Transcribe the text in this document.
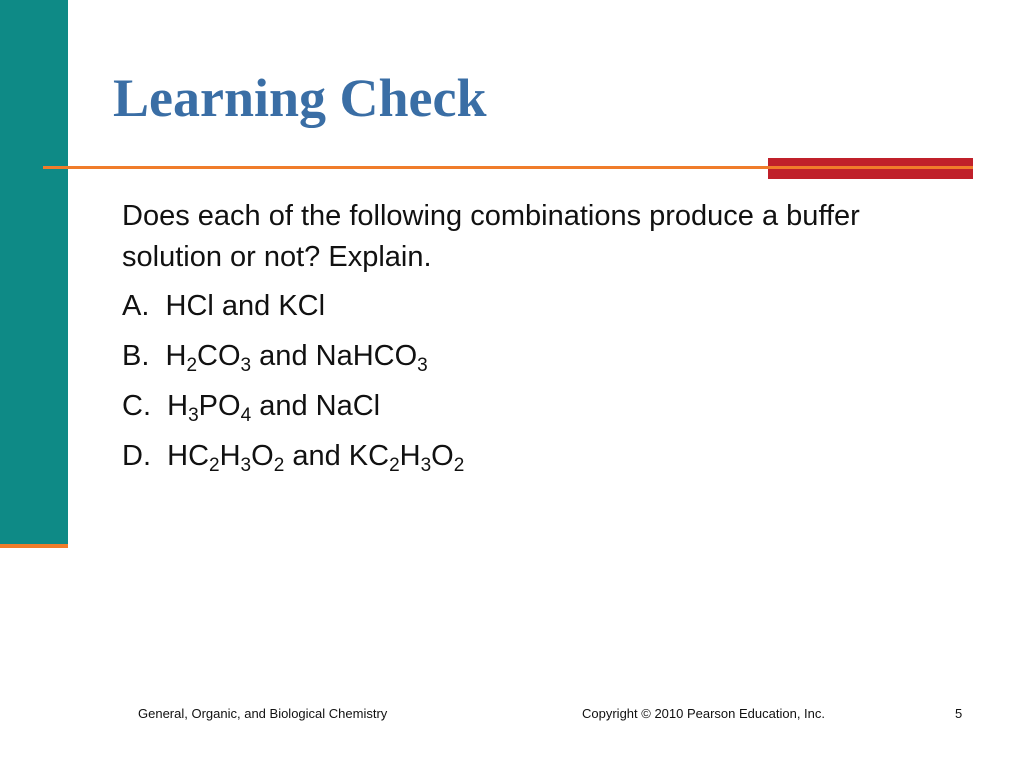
Learning Check

Does each of the following combinations produce a buffer solution or not? Explain.

A.  HCl and KCl

B.  $H_2CO_3$ and NaHCO$_3$

C.  $H_3PO_4$ and NaCl

D.  $HC_2H_3O_2$ and $KC_2H_3O_2$

General, Organic, and Biological Chemistry	Copyright © 2010 Pearson Education, Inc.	5
